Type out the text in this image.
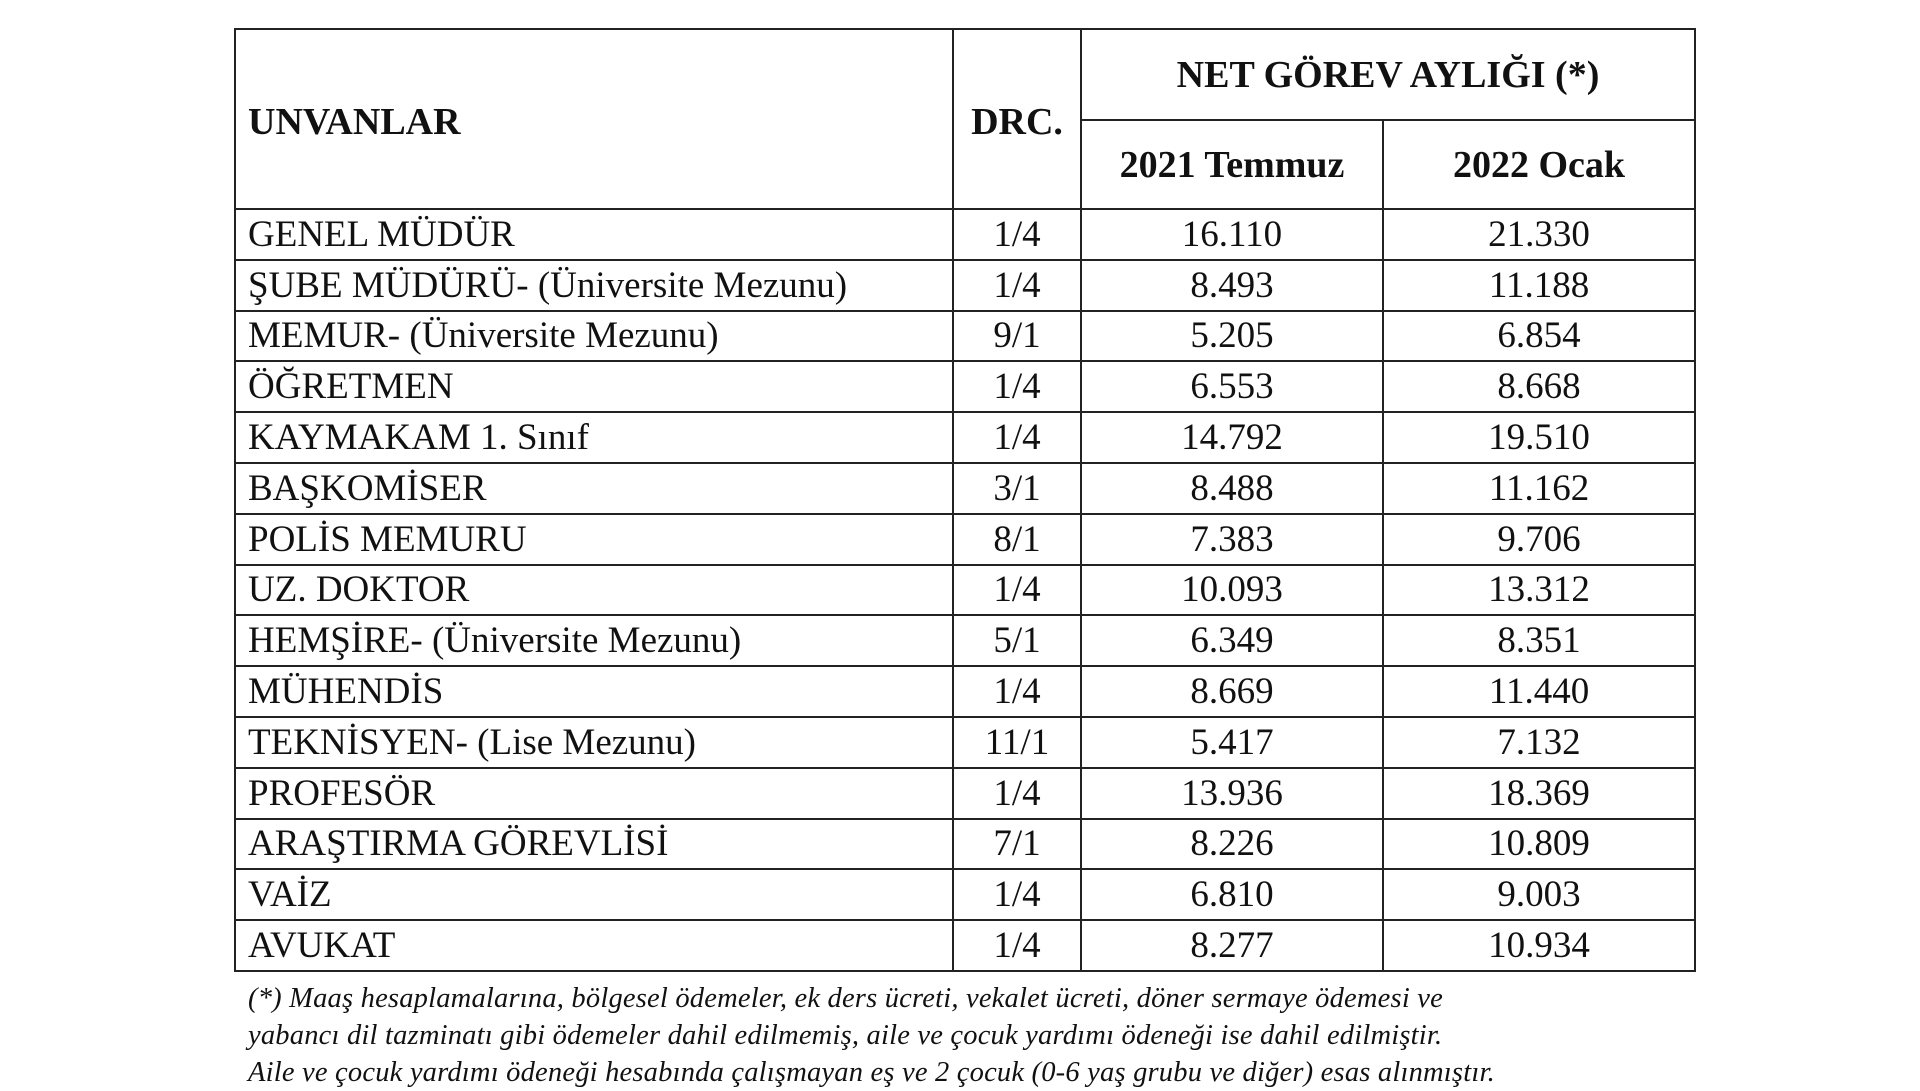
UNVANLAR	DRC.	NET GÖREV AYLIĞI (*)	
		2021 Temmuz	2022 Ocak
GENEL MÜDÜR	1/4	16.110	21.330
ŞUBE MÜDÜRÜ- (Üniversite Mezunu)	1/4	8.493	11.188
MEMUR- (Üniversite Mezunu)	9/1	5.205	6.854
ÖĞRETMEN	1/4	6.553	8.668
KAYMAKAM 1. Sınıf	1/4	14.792	19.510
BAŞKOMİSER	3/1	8.488	11.162
POLİS MEMURU	8/1	7.383	9.706
UZ. DOKTOR	1/4	10.093	13.312
HEMŞİRE- (Üniversite Mezunu)	5/1	6.349	8.351
MÜHENDİS	1/4	8.669	11.440
TEKNİSYEN- (Lise Mezunu)	11/1	5.417	7.132
PROFESÖR	1/4	13.936	18.369
ARAŞTIRMA GÖREVLİSİ	7/1	8.226	10.809
VAİZ	1/4	6.810	9.003
AVUKAT	1/4	8.277	10.934

(*) Maaş hesaplamalarına, bölgesel ödemeler, ek ders ücreti, vekalet ücreti, döner sermaye ödemesi ve

yabancı dil tazminatı gibi ödemeler dahil edilmemiş, aile ve çocuk yardımı ödeneği ise dahil edilmiştir.

Aile ve çocuk yardımı ödeneği hesabında çalışmayan eş ve 2 çocuk (0-6 yaş grubu ve diğer) esas alınmıştır.
